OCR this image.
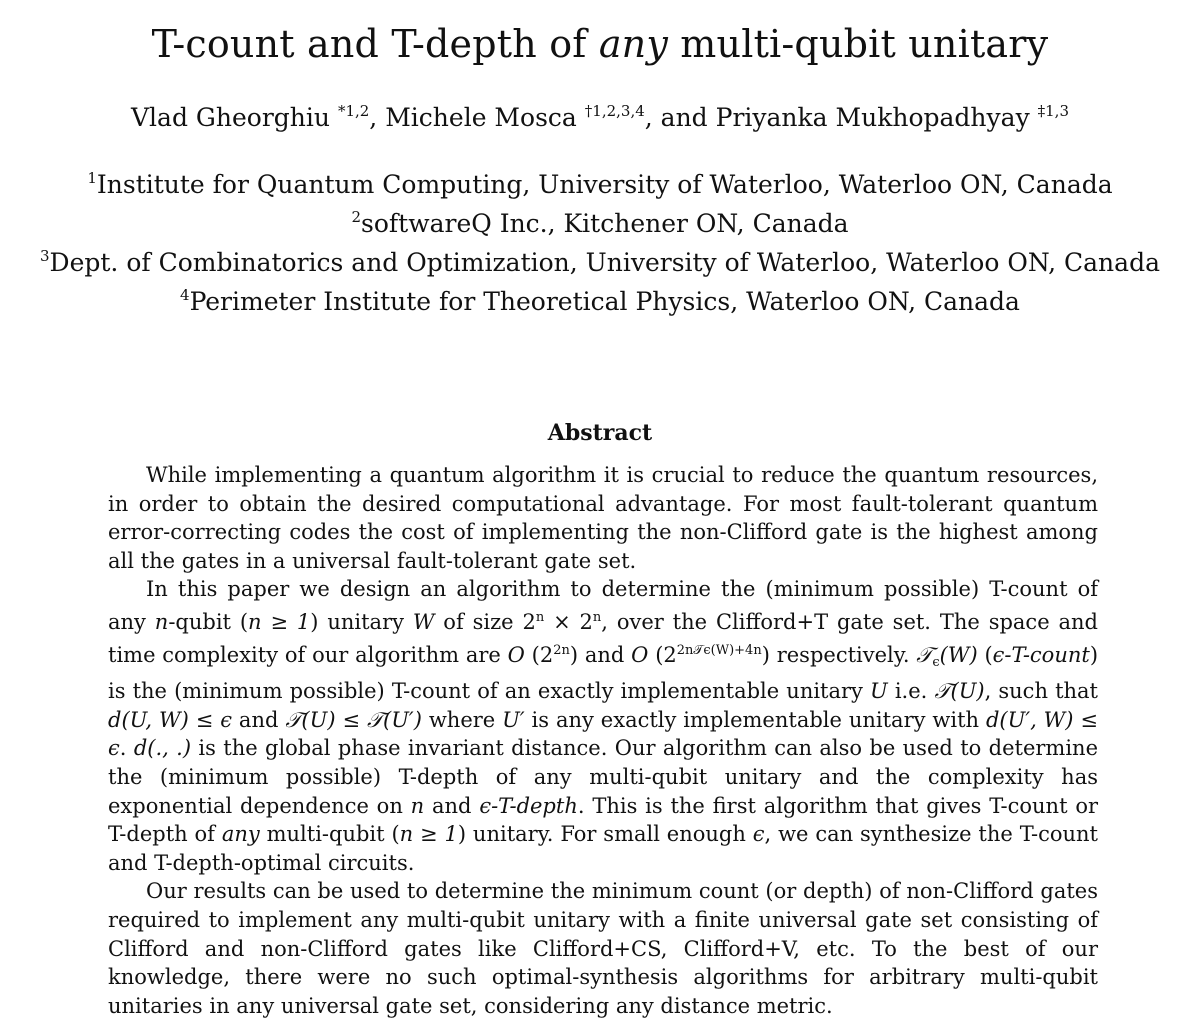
T-count and T-depth of any multi-qubit unitary
Vlad Gheorghiu $^{*1,2}$, Michele Mosca $^{\dagger 1,2,3,4}$, and Priyanka Mukhopadhyay $^{\ddagger 1,3}$
$^1$Institute for Quantum Computing, University of Waterloo, Waterloo ON, Canada
$^2$softwareQ Inc., Kitchener ON, Canada
$^3$Dept. of Combinatorics and Optimization, University of Waterloo, Waterloo ON, Canada
$^4$Perimeter Institute for Theoretical Physics, Waterloo ON, Canada
Abstract

While implementing a quantum algorithm it is crucial to reduce the quantum resources, in order to obtain the desired computational advantage. For most fault-tolerant quantum error-correcting codes the cost of implementing the non-Clifford gate is the highest among all the gates in a universal fault-tolerant gate set.

In this paper we design an algorithm to determine the (minimum possible) T-count of any n-qubit (n ≥ 1) unitary W of size $2^n \times 2^n$, over the Clifford+T gate set. The space and time complexity of our algorithm are O $(2^{2n})$ and O $(2^{2n𝒯\epsilon(W)+4n})$ respectively. 𝒯$_\epsilon$(W) (ϵ-T-count) is the (minimum possible) T-count of an exactly implementable unitary U i.e. 𝒯(U), such that d(U, W) ≤ ϵ and 𝒯(U) ≤ 𝒯(U′) where U′ is any exactly implementable unitary with d(U′, W) ≤ ϵ. d(., .) is the global phase invariant distance. Our algorithm can also be used to determine the (minimum possible) T-depth of any multi-qubit unitary and the complexity has exponential dependence on n and ϵ-T-depth. This is the first algorithm that gives T-count or T-depth of any multi-qubit (n ≥ 1) unitary. For small enough ϵ, we can synthesize the T-count and T-depth-optimal circuits.

Our results can be used to determine the minimum count (or depth) of non-Clifford gates required to implement any multi-qubit unitary with a finite universal gate set consisting of Clifford and non-Clifford gates like Clifford+CS, Clifford+V, etc. To the best of our knowledge, there were no such optimal-synthesis algorithms for arbitrary multi-qubit unitaries in any universal gate set, considering any distance metric.
